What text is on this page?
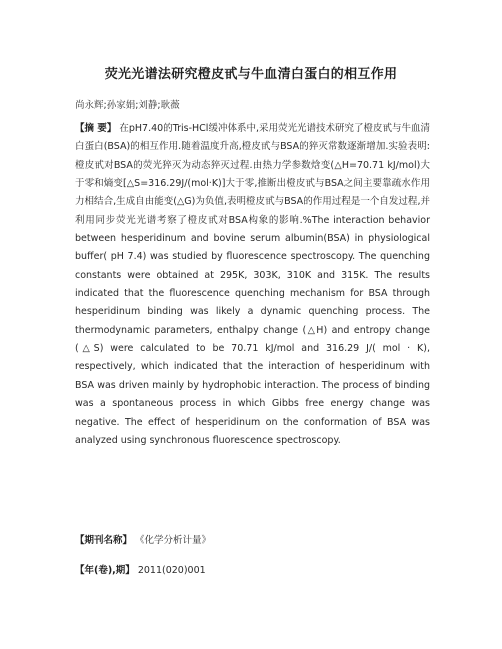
荧光光谱法研究橙皮甙与牛血清白蛋白的相互作用
尚永辉;孙家娟;刘静;耿薇
【摘 要】 在pH7.40的Tris-HCl缓冲体系中,采用荧光光谱技术研究了橙皮甙与牛血清白蛋白(BSA)的相互作用.随着温度升高,橙皮甙与BSA的猝灭常数逐渐增加.实验表明:橙皮甙对BSA的荧光猝灭为动态猝灭过程.由热力学参数焓变(△H=70.71 kJ/mol)大于零和熵变[△S=316.29J/(mol·K)]大于零,推断出橙皮甙与BSA之间主要靠疏水作用力相结合,生成自由能变(△G)为负值,表明橙皮甙与BSA的作用过程是一个自发过程,并利用同步荧光光谱考察了橙皮甙对BSA构象的影响.%The interaction behavior between hesperidinum and bovine serum albumin(BSA) in physiological buffer( pH 7.4) was studied by fluorescence spectroscopy. The quenching constants were obtained at 295K, 303K, 310K and 315K. The results indicated that the fluorescence quenching mechanism for BSA through hesperidinum binding was likely a dynamic quenching process. The thermodynamic parameters, enthalpy change (△H) and entropy change (△S) were calculated to be 70.71 kJ/mol and 316.29 J/( mol · K), respectively, which indicated that the interaction of hesperidinum with BSA was driven mainly by hydrophobic interaction. The process of binding was a spontaneous process in which Gibbs free energy change was negative. The effect of hesperidinum on the conformation of BSA was analyzed using synchronous fluorescence spectroscopy.
【期刊名称】 《化学分析计量》
【年(卷),期】 2011(020)001
